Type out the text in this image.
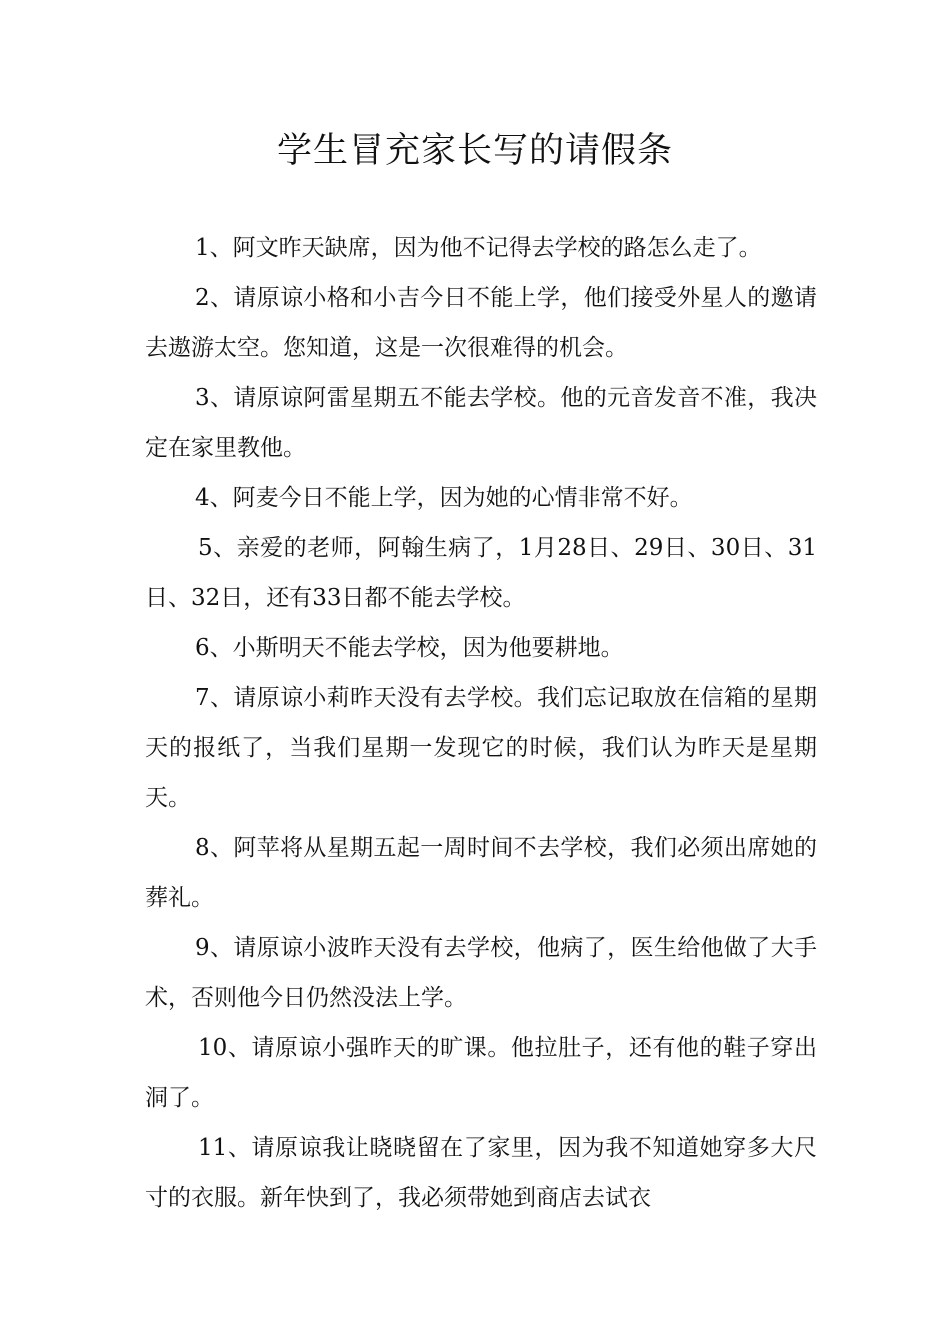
学生冒充家长写的请假条

1、阿文昨天缺席，因为他不记得去学校的路怎么走了。

2、请原谅小格和小吉今日不能上学，他们接受外星人的邀请去遨游太空。您知道，这是一次很难得的机会。

3、请原谅阿雷星期五不能去学校。他的元音发音不准，我决定在家里教他。

4、阿麦今日不能上学，因为她的心情非常不好。

5、亲爱的老师，阿翰生病了，1月28日、29日、30日、31日、32日，还有33日都不能去学校。

6、小斯明天不能去学校，因为他要耕地。

7、请原谅小莉昨天没有去学校。我们忘记取放在信箱的星期天的报纸了，当我们星期一发现它的时候，我们认为昨天是星期天。

8、阿苹将从星期五起一周时间不去学校，我们必须出席她的葬礼。

9、请原谅小波昨天没有去学校，他病了，医生给他做了大手术，否则他今日仍然没法上学。

10、请原谅小强昨天的旷课。他拉肚子，还有他的鞋子穿出洞了。

11、请原谅我让晓晓留在了家里，因为我不知道她穿多大尺寸的衣服。新年快到了，我必须带她到商店去试衣
